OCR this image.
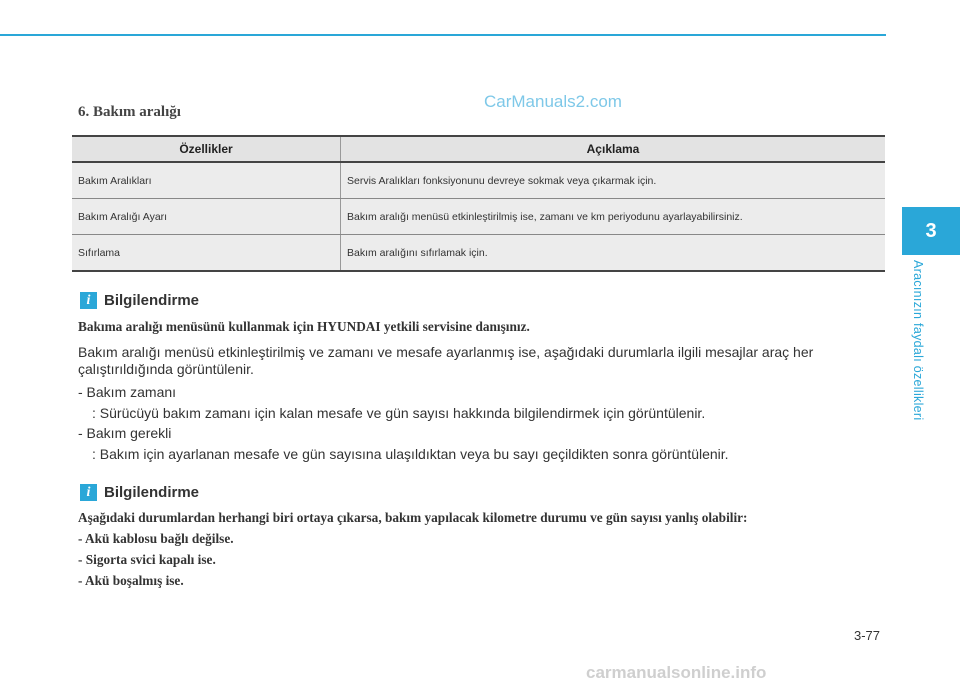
CarManuals2.com
6. Bakım aralığı
Özellikler	Açıklama
Bakım Aralıkları	Servis Aralıkları fonksiyonunu devreye sokmak veya çıkarmak için.
Bakım Aralığı Ayarı	Bakım aralığı menüsü etkinleştirilmiş ise, zamanı ve km periyodunu ayarlayabilirsiniz.
Sıfırlama	Bakım aralığını sıfırlamak için.
i Bilgilendirme
Bakıma aralığı menüsünü kullanmak için HYUNDAI yetkili servisine danışınız.
Bakım aralığı menüsü etkinleştirilmiş ve zamanı ve mesafe ayarlanmış ise, aşağıdaki durumlarla ilgili mesajlar araç her çalıştırıldığında görüntülenir.
- Bakım zamanı
: Sürücüyü bakım zamanı için kalan mesafe ve gün sayısı hakkında bilgilendirmek için görüntülenir.
- Bakım gerekli
: Bakım için ayarlanan mesafe ve gün sayısına ulaşıldıktan veya bu sayı geçildikten sonra görüntülenir.
i Bilgilendirme
Aşağıdaki durumlardan herhangi biri ortaya çıkarsa, bakım yapılacak kilometre durumu ve gün sayısı yanlış olabilir:
- Akü kablosu bağlı değilse.
- Sigorta svici kapalı ise.
- Akü boşalmış ise.
3
Aracınızın faydalı özellikleri
3-77
carmanualsonline.info
